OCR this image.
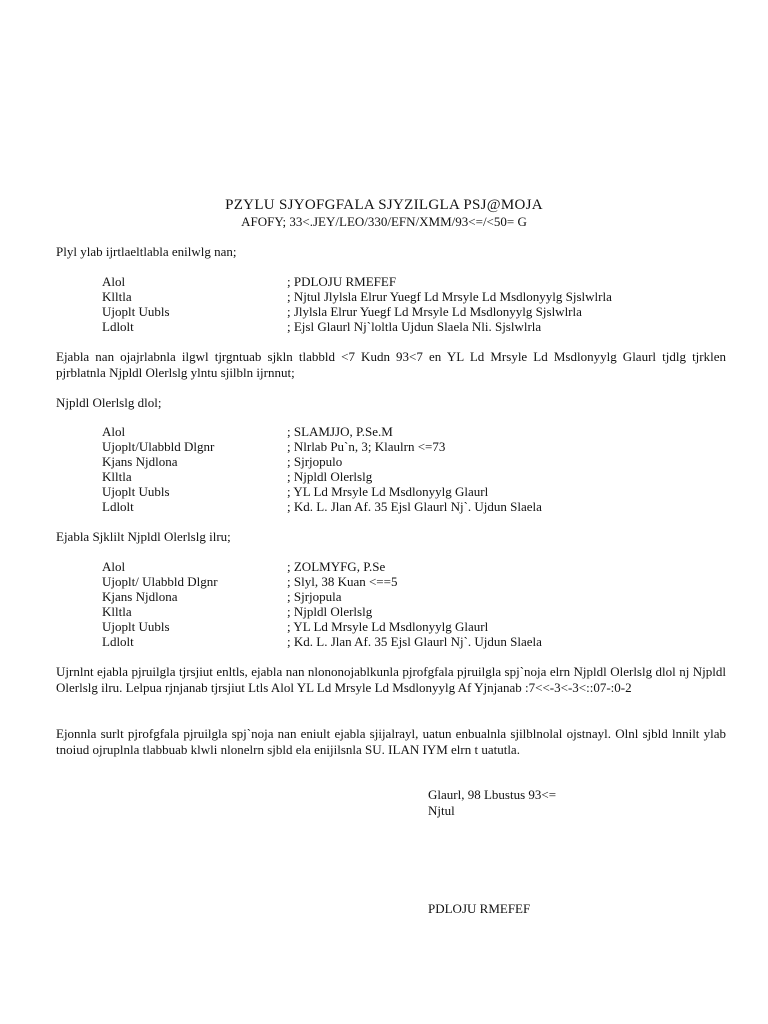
PZYLU SJYOFGFALA SJYZILGLA PSJ@MOJA
AFOFY; 33<.JEY/LEO/330/EFN/XMM/93<=/<50= G

Plyl ylab ijrtlaeltlabla enilwlg nan;

Alol	; PDLOJU RMEFEF
Klltla	; Njtul Jlylsla Elrur Yuegf Ld Mrsyle Ld Msdlonyylg Sjslwlrla
Ujoplt Uubls	; Jlylsla Elrur Yuegf Ld Mrsyle Ld Msdlonyylg Sjslwlrla
Ldlolt	; Ejsl Glaurl Nj`loltla Ujdun Slaela Nli. Sjslwlrla

Ejabla nan ojajrlabnla ilgwl tjrgntuab sjkln tlabbld <7 Kudn 93<7 en YL Ld Mrsyle Ld Msdlonyylg Glaurl tjdlg tjrklen pjrblatnla Njpldl Olerlslg ylntu sjilbln ijrnnut;

Njpldl Olerlslg dlol;

Alol	; SLAMJJO, P.Se.M
Ujoplt/Ulabbld Dlgnr	; Nlrlab Pu`n, 3; Klaulrn <=73
Kjans Njdlona	; Sjrjopulo
Klltla	; Njpldl Olerlslg
Ujoplt Uubls	; YL Ld Mrsyle Ld Msdlonyylg Glaurl
Ldlolt	; Kd. L. Jlan Af. 35 Ejsl Glaurl Nj`. Ujdun Slaela

Ejabla Sjklilt Njpldl Olerlslg ilru;

Alol	; ZOLMYFG, P.Se
Ujoplt/ Ulabbld Dlgnr	; Slyl, 38 Kuan <==5
Kjans Njdlona	; Sjrjopula
Klltla	; Njpldl Olerlslg
Ujoplt Uubls	; YL Ld Mrsyle Ld Msdlonyylg Glaurl
Ldlolt	; Kd. L. Jlan Af. 35 Ejsl Glaurl Nj`. Ujdun Slaela

Ujrnlnt ejabla pjruilgla tjrsjiut enltls, ejabla nan nlononojablkunla pjrofgfala pjruilgla spj`noja elrn Njpldl Olerlslg dlol nj Njpldl Olerlslg ilru. Lelpua rjnjanab tjrsjiut Ltls Alol YL Ld Mrsyle Ld Msdlonyylg Af Yjnjanab :7<<-3<-3<::07-:0-2

Ejonnla surlt pjrofgfala pjruilgla spj`noja nan eniult ejabla sjijalrayl, uatun enbualnla sjilblnolal ojstnayl. Olnl sjbld lnnilt ylab tnoiud ojruplnla tlabbuab klwli nlonelrn sjbld ela enijilsnla SU. ILAN IYM elrn t uatutla.

Glaurl, 98 Lbustus 93<=
Njtul
PDLOJU RMEFEF
